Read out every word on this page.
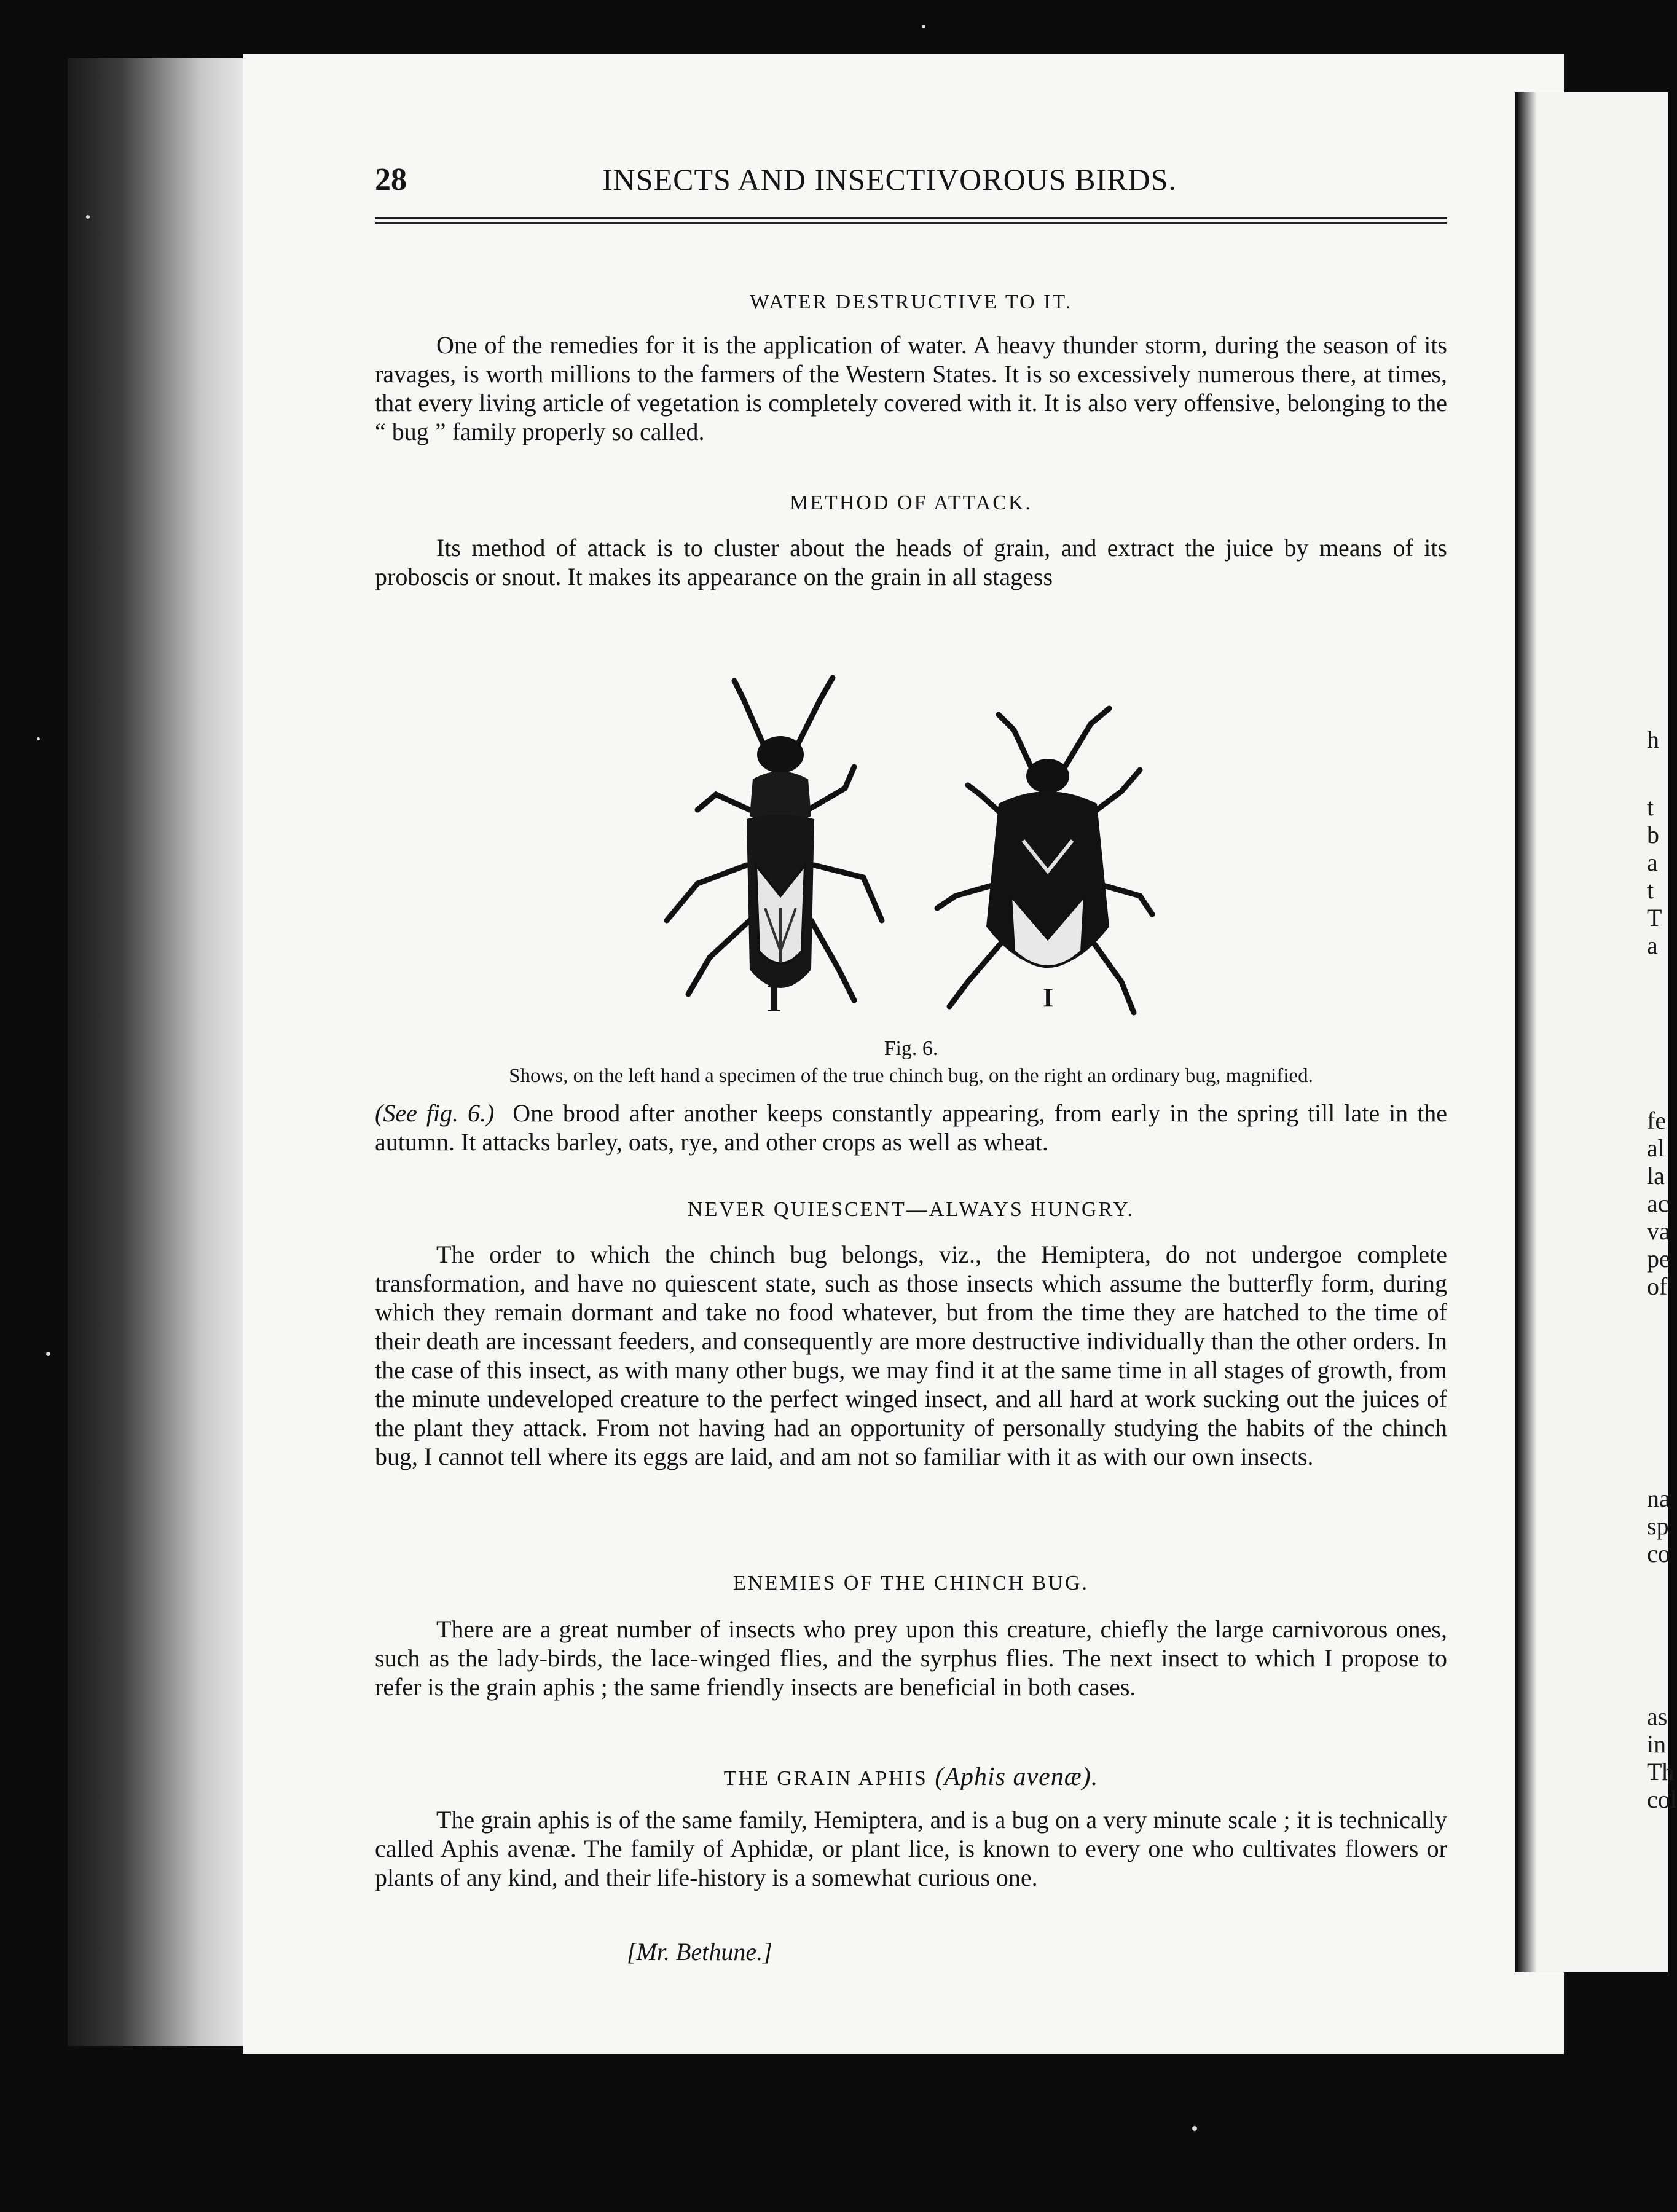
28	INSECTS AND INSECTIVOROUS BIRDS.
WATER DESTRUCTIVE TO IT.

One of the remedies for it is the application of water. A heavy thunder storm, during the season of its ravages, is worth millions to the farmers of the Western States. It is so excessively numerous there, at times, that every living article of vegetation is completely covered with it. It is also very offensive, belonging to the “ bug ” family properly so called.

METHOD OF ATTACK.

Its method of attack is to cluster about the heads of grain, and extract the juice by means of its proboscis or snout. It makes its appearance on the grain in all stagess

I	I
Fig. 6.
Shows, on the left hand a specimen of the true chinch bug, on the right an ordinary bug, magnified.

(See fig. 6.) One brood after another keeps constantly appearing, from early in the spring till late in the autumn. It attacks barley, oats, rye, and other crops as well as wheat.

NEVER QUIESCENT—ALWAYS HUNGRY.

The order to which the chinch bug belongs, viz., the Hemiptera, do not undergoe complete transformation, and have no quiescent state, such as those insects which assume the butterfly form, during which they remain dormant and take no food whatever, but from the time they are hatched to the time of their death are incessant feeders, and consequently are more destructive individually than the other orders. In the case of this insect, as with many other bugs, we may find it at the same time in all stages of growth, from the minute undeveloped creature to the perfect winged insect, and all hard at work sucking out the juices of the plant they attack. From not having had an opportunity of personally studying the habits of the chinch bug, I cannot tell where its eggs are laid, and am not so familiar with it as with our own insects.

ENEMIES OF THE CHINCH BUG.

There are a great number of insects who prey upon this creature, chiefly the large carnivorous ones, such as the lady-birds, the lace-winged flies, and the syrphus flies. The next insect to which I propose to refer is the grain aphis ; the same friendly insects are beneficial in both cases.

THE GRAIN APHIS (Aphis avenæ).

The grain aphis is of the same family, Hemiptera, and is a bug on a very minute scale ; it is technically called Aphis avenæ. The family of Aphidæ, or plant lice, is known to every one who cultivates flowers or plants of any kind, and their life-history is a somewhat curious one.

[Mr. Bethune.]
h
t
b
a
t
T
a
fe
al
la
ac
va
pe
of
na
sp
co
as
in
Th
col
